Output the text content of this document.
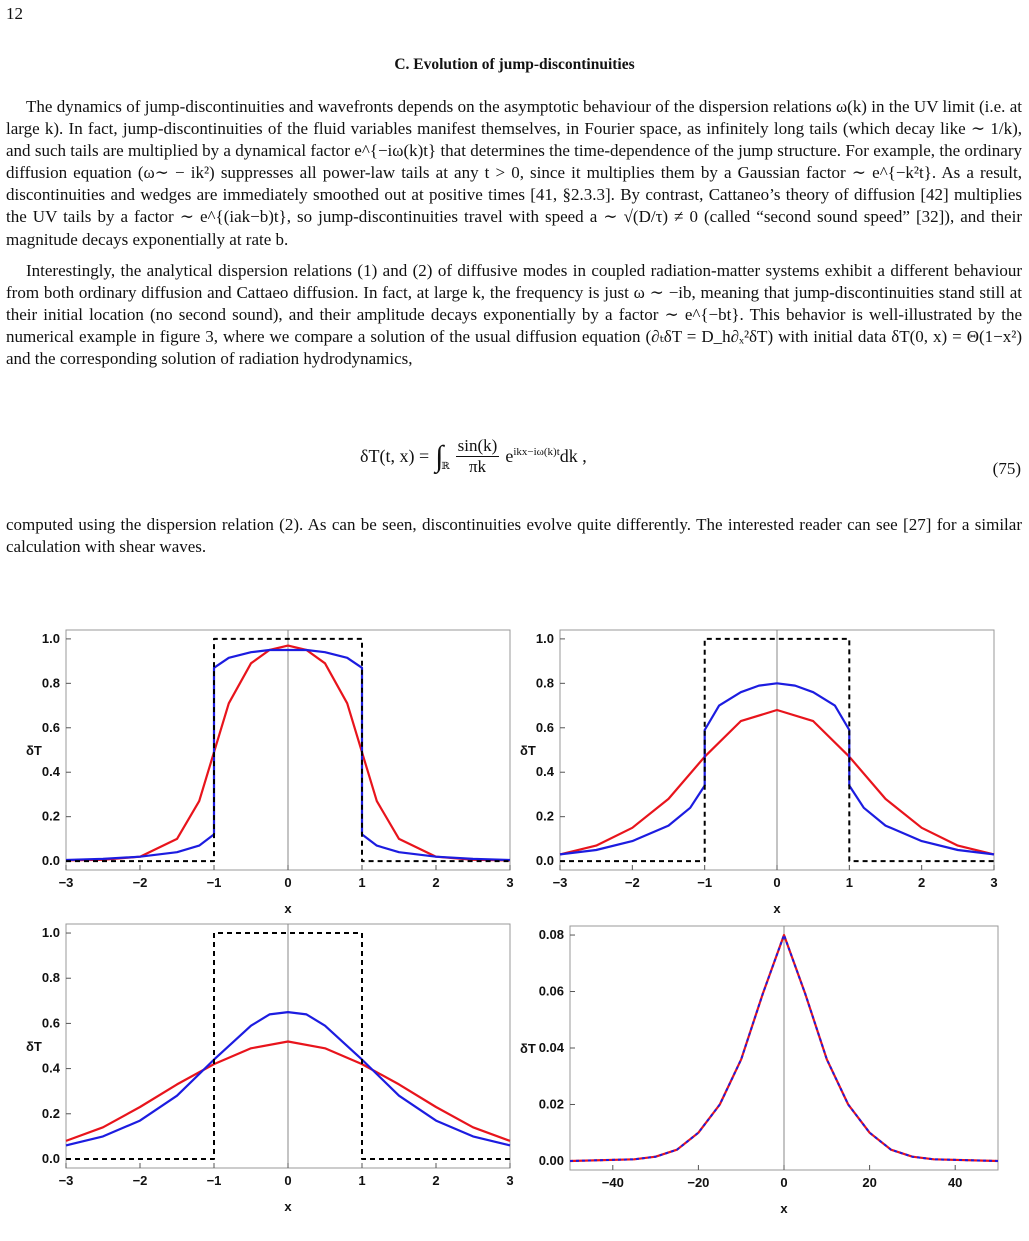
12
C. Evolution of jump-discontinuities

The dynamics of jump-discontinuities and wavefronts depends on the asymptotic behaviour of the dispersion relations ω(k) in the UV limit (i.e. at large k). In fact, jump-discontinuities of the fluid variables manifest themselves, in Fourier space, as infinitely long tails (which decay like ∼ 1/k), and such tails are multiplied by a dynamical factor e^{−iω(k)t} that determines the time-dependence of the jump structure. For example, the ordinary diffusion equation (ω∼ − ik²) suppresses all power-law tails at any t > 0, since it multiplies them by a Gaussian factor ∼ e^{−k²t}. As a result, discontinuities and wedges are immediately smoothed out at positive times [41, §2.3.3]. By contrast, Cattaneo’s theory of diffusion [42] multiplies the UV tails by a factor ∼ e^{(iak−b)t}, so jump-discontinuities travel with speed a ∼ √(D/τ) ≠ 0 (called “second sound speed” [32]), and their magnitude decays exponentially at rate b.

Interestingly, the analytical dispersion relations (1) and (2) of diffusive modes in coupled radiation-matter systems exhibit a different behaviour from both ordinary diffusion and Cattaeo diffusion. In fact, at large k, the frequency is just ω ∼ −ib, meaning that jump-discontinuities stand still at their initial location (no second sound), and their amplitude decays exponentially by a factor ∼ e^{−bt}. This behavior is well-illustrated by the numerical example in figure 3, where we compare a solution of the usual diffusion equation (∂ₜδT = D_h∂ₓ²δT) with initial data δT(0, x) = Θ(1−x²) and the corresponding solution of radiation hydrodynamics,

δT(t, x) = ∫
ℝ $\frac{\sin(k)}{\pi k} e^{ikx-i\omega(k)t}dk$ ,
(75)

computed using the dispersion relation (2). As can be seen, discontinuities evolve quite differently. The interested reader can see [27] for a similar calculation with shear waves.

−3	−2	−1	0	1	2	3
0.0
0.2
0.4
0.6
0.8
1.0
x
δT
−3	−2	−1	0	1	2	3
0.0
0.2
0.4
0.6
0.8
1.0
x
δT
−3	−2	−1	0	1	2	3
0.0
0.2
0.4
0.6
0.8
1.0
x
δT
−40	−20	0	20	40
0.00
0.02
0.04
0.06
0.08
x
δT
